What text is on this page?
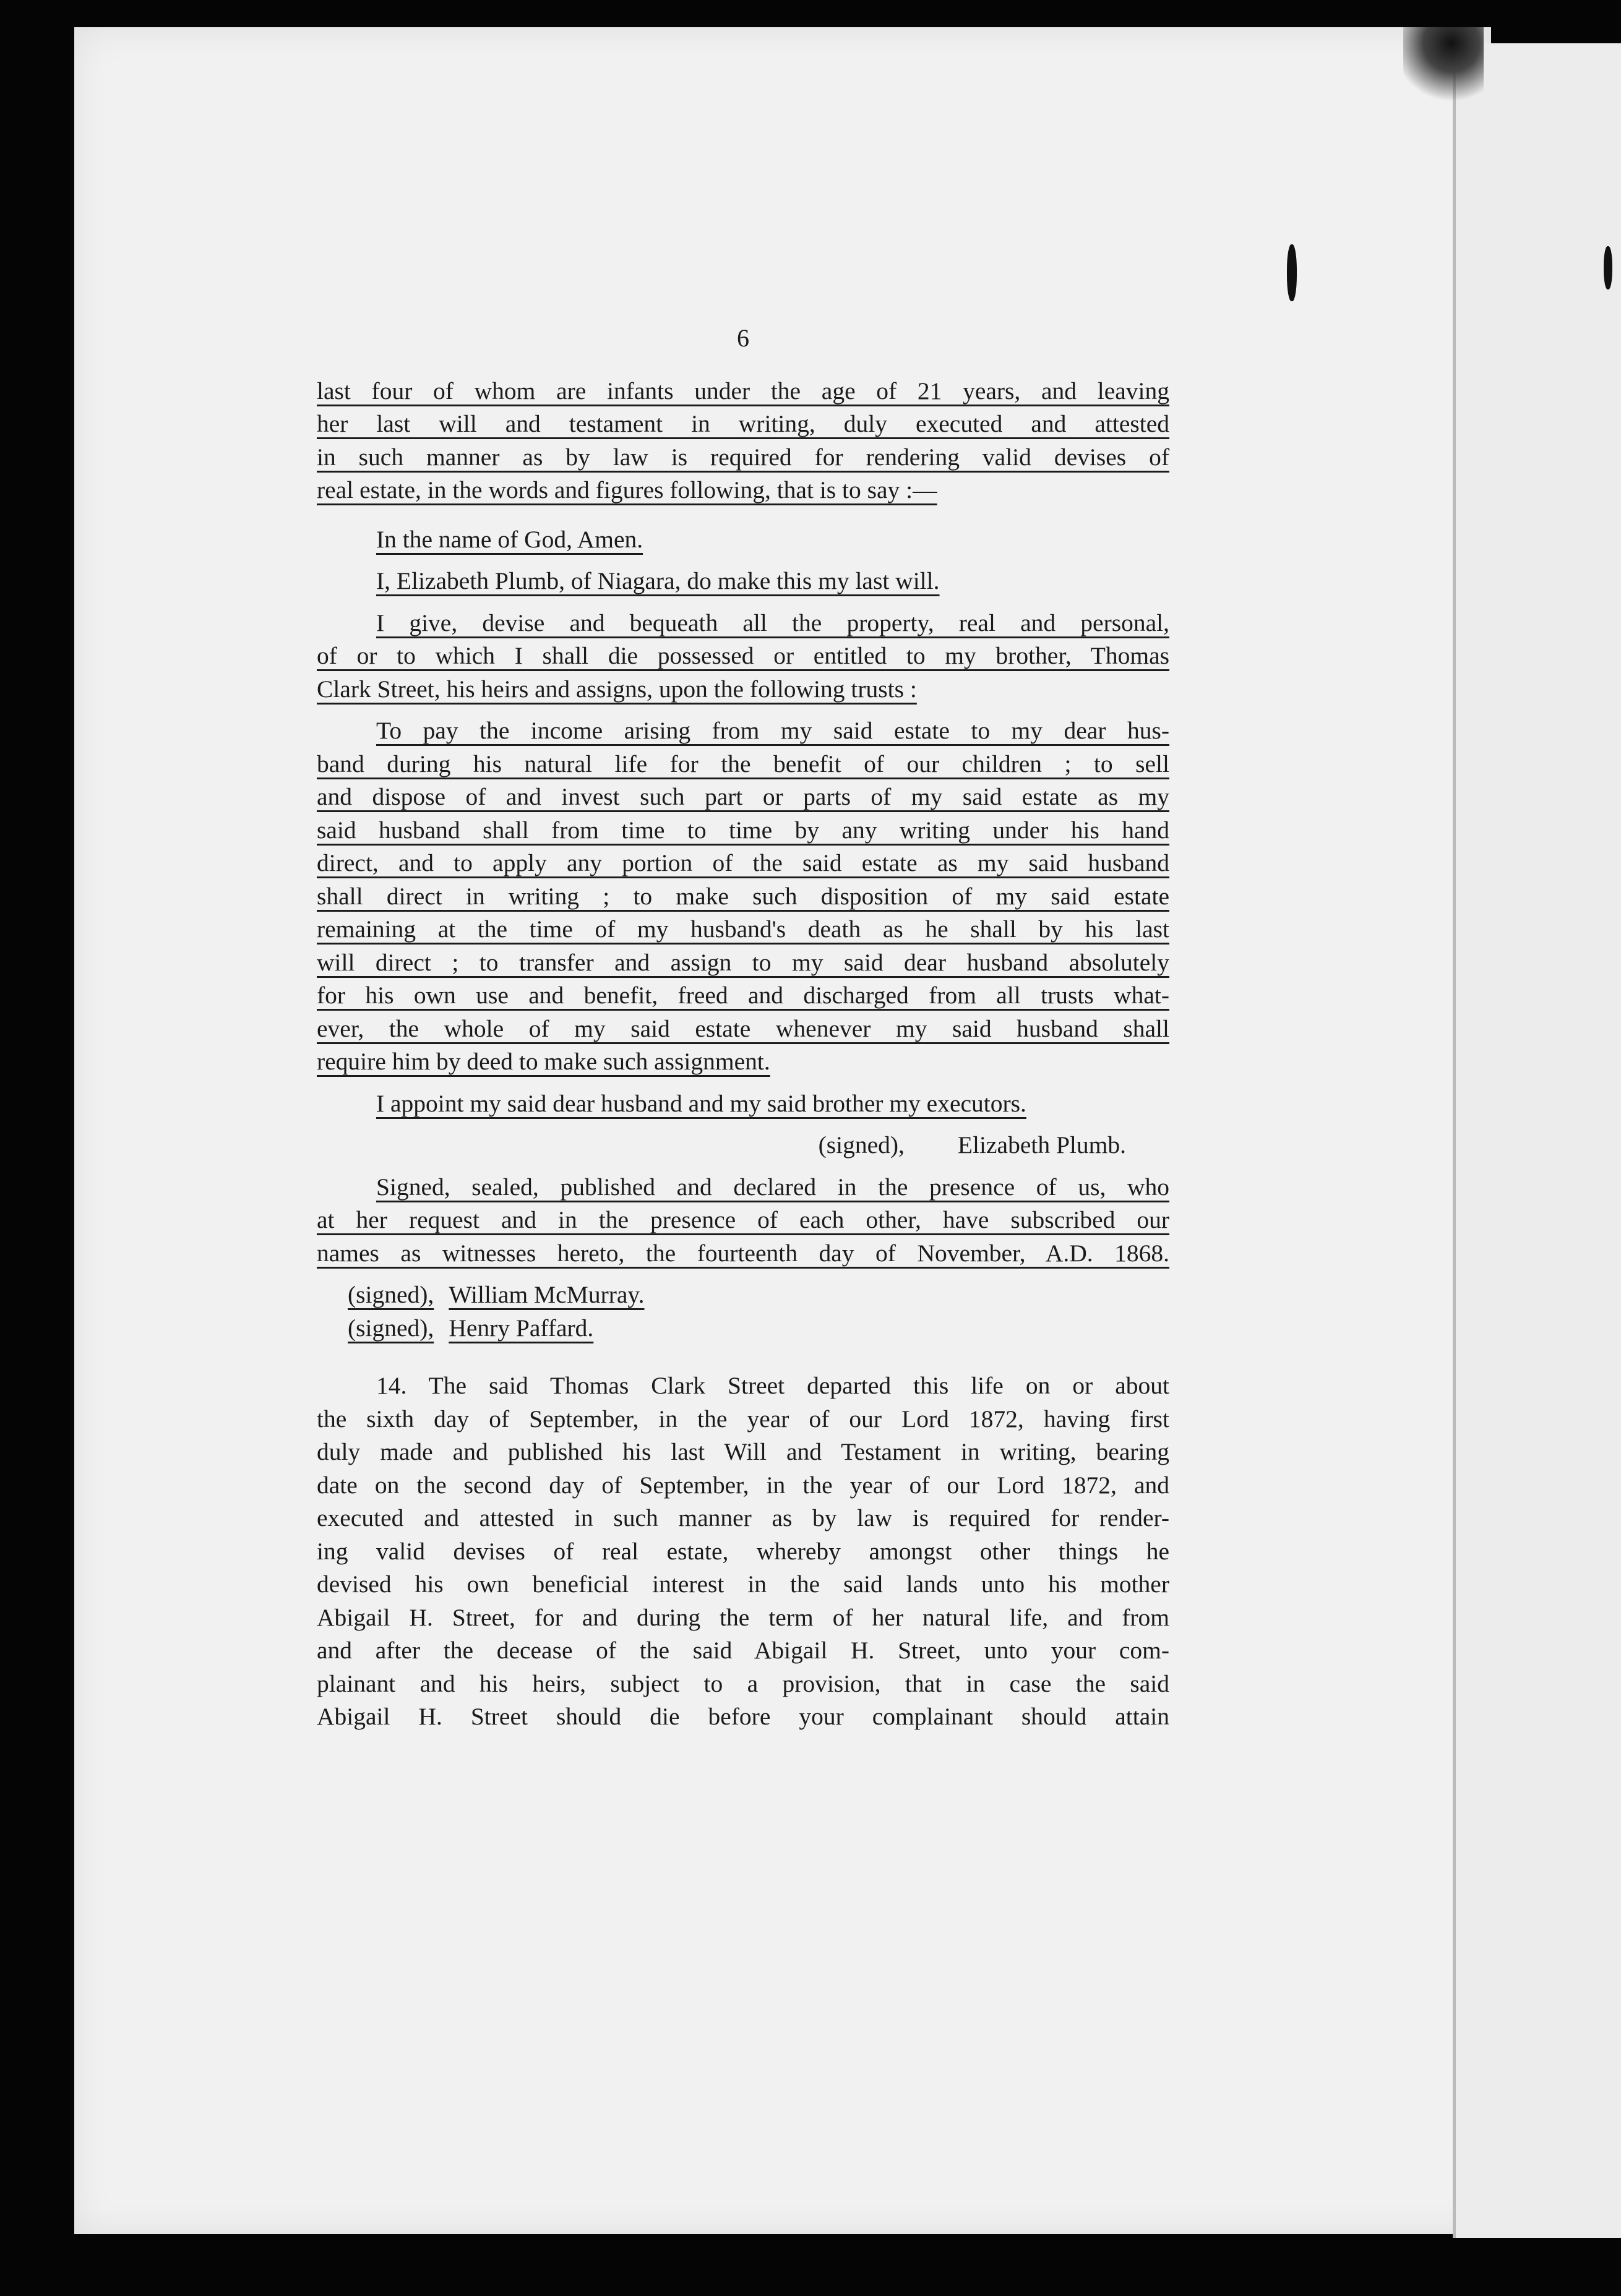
6

last four of whom are infants under the age of 21 years, and leaving

her last will and testament in writing, duly executed and attested

in such manner as by law is required for rendering valid devises of

real estate, in the words and figures following, that is to say :—

In the name of God, Amen.

I, Elizabeth Plumb, of Niagara, do make this my last will.

I give, devise and bequeath all the property, real and personal,

of or to which I shall die possessed or entitled to my brother, Thomas

Clark Street, his heirs and assigns, upon the following trusts :

To pay the income arising from my said estate to my dear hus-

band during his natural life for the benefit of our children ; to sell

and dispose of and invest such part or parts of my said estate as my

said husband shall from time to time by any writing under his hand

direct, and to apply any portion of the said estate as my said husband

shall direct in writing ; to make such disposition of my said estate

remaining at the time of my husband's death as he shall by his last

will direct ; to transfer and assign to my said dear husband absolutely

for his own use and benefit, freed and discharged from all trusts what-

ever, the whole of my said estate whenever my said husband shall

require him by deed to make such assignment.

I appoint my said dear husband and my said brother my executors.

(signed), Elizabeth Plumb.

Signed, sealed, published and declared in the presence of us, who

at her request and in the presence of each other, have subscribed our

names as witnesses hereto, the fourteenth day of November, A.D. 1868.

(signed), William McMurray.

(signed), Henry Paffard.

14. The said Thomas Clark Street departed this life on or about

the sixth day of September, in the year of our Lord 1872, having first

duly made and published his last Will and Testament in writing, bearing

date on the second day of September, in the year of our Lord 1872, and

executed and attested in such manner as by law is required for render-

ing valid devises of real estate, whereby amongst other things he

devised his own beneficial interest in the said lands unto his mother

Abigail H. Street, for and during the term of her natural life, and from

and after the decease of the said Abigail H. Street, unto your com-

plainant and his heirs, subject to a provision, that in case the said

Abigail H. Street should die before your complainant should attain
